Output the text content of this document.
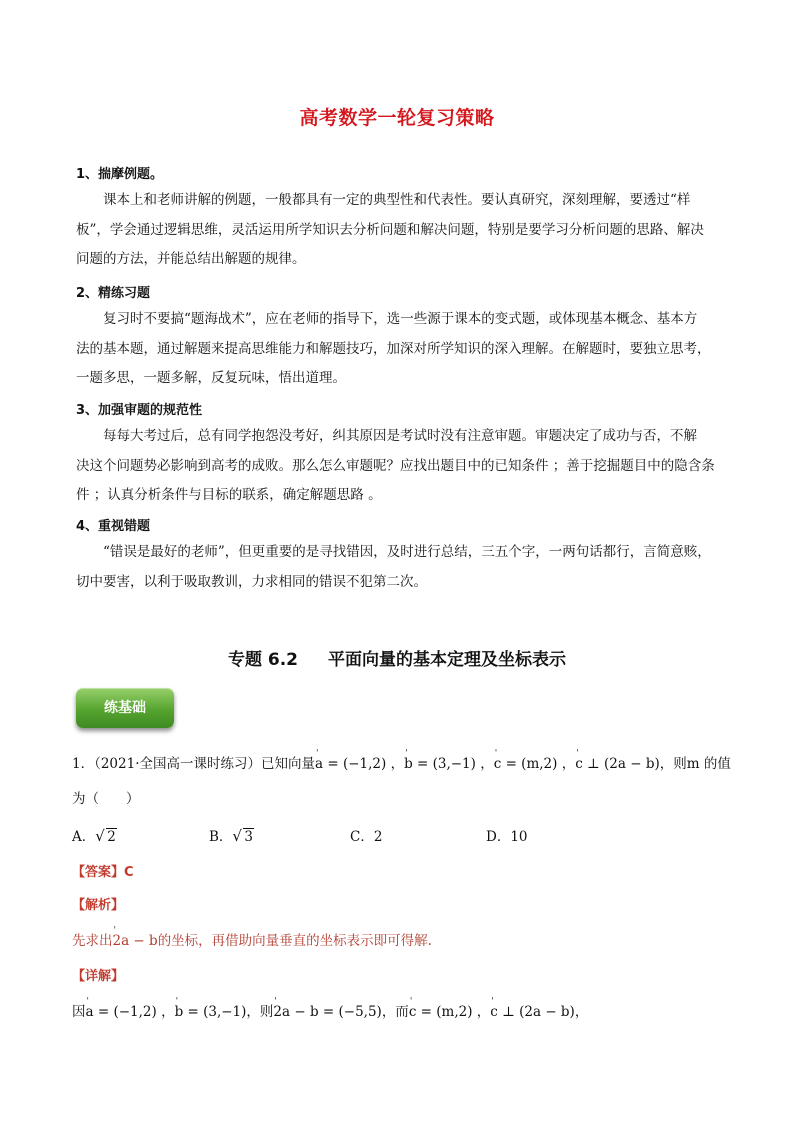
高考数学一轮复习策略
1、揣摩例题。
课本上和老师讲解的例题，一般都具有一定的典型性和代表性。要认真研究，深刻理解，要透过“样
板”，学会通过逻辑思维，灵活运用所学知识去分析问题和解决问题，特别是要学习分析问题的思路、解决
问题的方法，并能总结出解题的规律。
2、精练习题
复习时不要搞“题海战术”，应在老师的指导下，选一些源于课本的变式题，或体现基本概念、基本方
法的基本题，通过解题来提高思维能力和解题技巧，加深对所学知识的深入理解。在解题时，要独立思考，
一题多思，一题多解，反复玩味，悟出道理。
3、加强审题的规范性
每每大考过后，总有同学抱怨没考好，纠其原因是考试时没有注意审题。审题决定了成功与否，不解
决这个问题势必影响到高考的成败。那么怎么审题呢？应找出题目中的已知条件 ；善于挖掘题目中的隐含条
件 ；认真分析条件与目标的联系，确定解题思路 。
4、重视错题
“错误是最好的老师”，但更重要的是寻找错因，及时进行总结，三五个字，一两句话都行，言简意赅，
切中要害，以利于吸取教训，力求相同的错误不犯第二次。
专题 6.2 平面向量的基本定理及坐标表示
练基础
1．（2021·全国高一课时练习）已知向量' a = (−1,2) ，' b = (3,−1) ，' c = (m,2) ，' c ⊥ (2a − b)，则m 的值
为（　　）
A． √ 2	B． √ 3	C．2	D．10
【答案】C
【解析】
先求出' 2a − b的坐标，再借助向量垂直的坐标表示即可得解.
【详解】
因' a = (−1,2) ，' b = (3,−1)，则' 2a − b = (−5,5)，而' c = (m,2) ，' c ⊥ (2a − b)，
